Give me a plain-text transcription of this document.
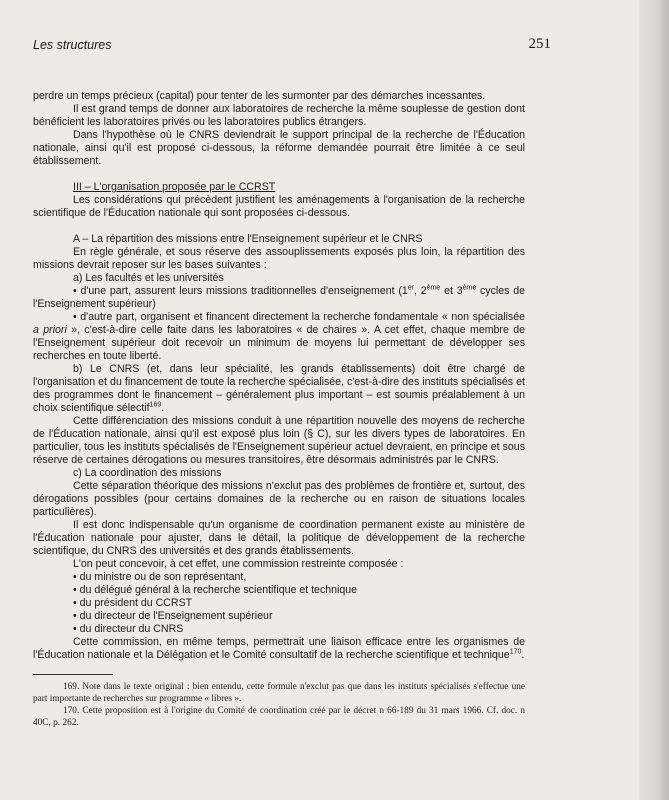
Les structures	251

perdre un temps précieux (capital) pour tenter de les surmonter par des démarches incessantes.

Il est grand temps de donner aux laboratoires de recherche la même souplesse de gestion dont bénéficient les laboratoires privés ou les laboratoires publics étrangers.

Dans l'hypothèse où le CNRS deviendrait le support principal de la recherche de l'Éducation nationale, ainsi qu'il est proposé ci-dessous, la réforme demandée pourrait être limitée à ce seul établissement.

III – L'organisation proposée par le CCRST

Les considérations qui précèdent justifient les aménagements à l'organisation de la recherche scientifique de l'Éducation nationale qui sont proposées ci-dessous.

A – La répartition des missions entre l'Enseignement supérieur et le CNRS

En règle générale, et sous réserve des assouplissements exposés plus loin, la répartition des missions devrait reposer sur les bases suivantes :

a) Les facultés et les universités

• d'une part, assurent leurs missions traditionnelles d'enseignement (1er, 2ème et 3ème cycles de l'Enseignement supérieur)

• d'autre part, organisent et financent directement la recherche fondamentale « non spécialisée a priori », c'est-à-dire celle faite dans les laboratoires « de chaires ». A cet effet, chaque membre de l'Enseignement supérieur doit recevoir un minimum de moyens lui permettant de développer ses recherches en toute liberté.

b) Le CNRS (et, dans leur spécialité, les grands établissements) doit être chargé de l'organisation et du financement de toute la recherche spécialisée, c'est-à-dire des instituts spécialisés et des programmes dont le financement – généralement plus important – est soumis préalablement à un choix scientifique sélectif$^{169}$.

Cette différenciation des missions conduit à une répartition nouvelle des moyens de recherche de l'Éducation nationale, ainsi qu'il est exposé plus loin (§ C), sur les divers types de laboratoires. En particulier, tous les instituts spécialisés de l'Enseignement supérieur actuel devraient, en principe et sous réserve de certaines dérogations ou mesures transitoires, être désormais administrés par le CNRS.

c) La coordination des missions

Cette séparation théorique des missions n'exclut pas des problèmes de frontière et, surtout, des dérogations possibles (pour certains domaines de la recherche ou en raison de situations locales particulières).

Il est donc indispensable qu'un organisme de coordination permanent existe au ministère de l'Éducation nationale pour ajuster, dans le détail, la politique de développement de la recherche scientifique, du CNRS des universités et des grands établissements.

L'on peut concevoir, à cet effet, une commission restreinte composée :

• du ministre ou de son représentant,

• du délégué général à la recherche scientifique et technique

• du président du CCRST

• du directeur de l'Enseignement supérieur

• du directeur du CNRS

Cette commission, en même temps, permettrait une liaison efficace entre les organismes de l'Éducation nationale et la Délégation et le Comité consultatif de la recherche scientifique et technique$^{170}$.

169. Note dans le texte original : bien entendu, cette formule n'exclut pas que dans les instituts spécialisés s'effectue une part importante de recherches sur programme « libres ».

170. Cette proposition est à l'origine du Comité de coordination créé par le décret n 66-189 du 31 mars 1966. Cf. doc. n 40C, p. 262.
